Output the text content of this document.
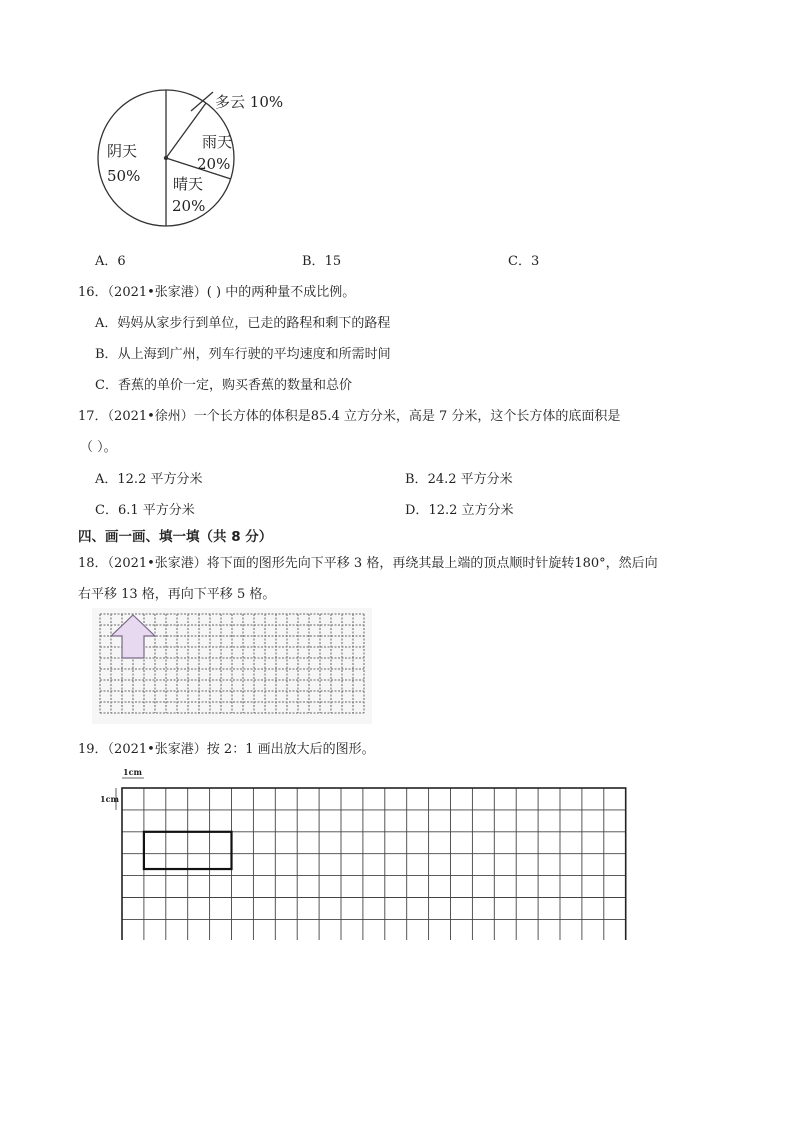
多云 10%
雨天
20%
晴天
20%
阴天
50%
A．6	B．15	C．3
16．（2021•张家港）( ) 中的两种量不成比例。
A．妈妈从家步行到单位，已走的路程和剩下的路程
B．从上海到广州，列车行驶的平均速度和所需时间
C．香蕉的单价一定，购买香蕉的数量和总价
17．（2021•徐州）一个长方体的体积是85.4 立方分米，高是 7 分米，这个长方体的底面积是
（ ）。
A．12.2 平方分米	B．24.2 平方分米
C．6.1 平方分米	D．12.2 立方分米
四、画一画、填一填（共 8 分）
18．（2021•张家港）将下面的图形先向下平移 3 格，再绕其最上端的顶点顺时针旋转180°，然后向
右平移 13 格，再向下平移 5 格。
19．（2021•张家港）按 2：1 画出放大后的图形。
1cm
1cm
